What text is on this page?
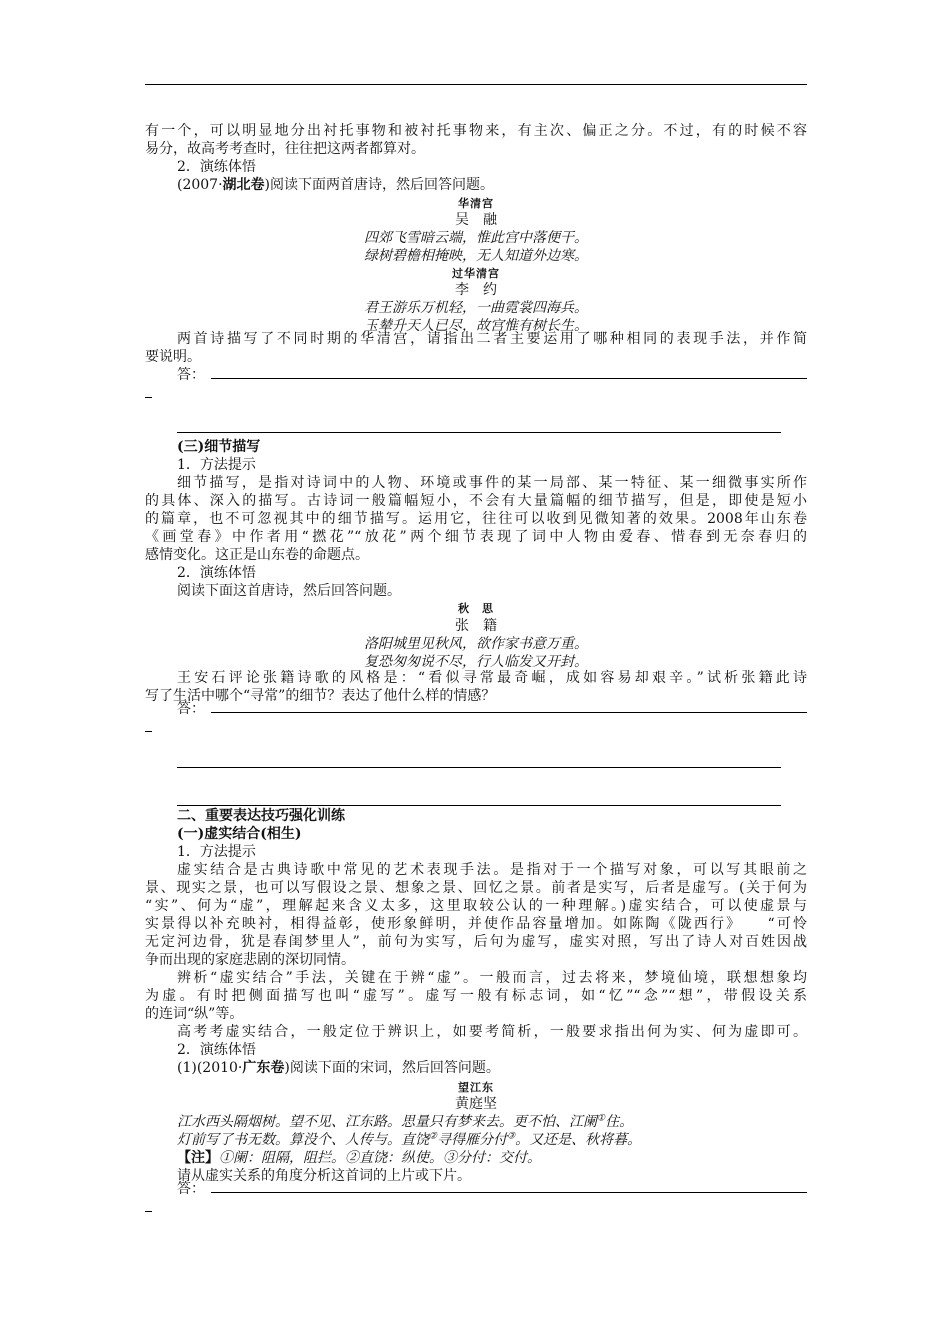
有一个，可以明显地分出衬托事物和被衬托事物来，有主次、偏正之分。不过，有的时候不容
易分，故高考考查时，往往把这两者都算对。
2．演练体悟
(2007·湖北卷)阅读下面两首唐诗，然后回答问题。
华清宫
吴　融
四郊飞雪暗云端，惟此宫中落便干。
绿树碧檐相掩映，无人知道外边寒。
过华清宫
李　约
君王游乐万机轻，一曲霓裳四海兵。
玉辇升天人已尽，故宫惟有树长生。
两首诗描写了不同时期的华清宫，请指出二者主要运用了哪种相同的表现手法，并作简
要说明。
答：
(三)细节描写
1．方法提示
细节描写，是指对诗词中的人物、环境或事件的某一局部、某一特征、某一细微事实所作
的具体、深入的描写。古诗词一般篇幅短小，不会有大量篇幅的细节描写，但是，即使是短小
的篇章，也不可忽视其中的细节描写。运用它，往往可以收到见微知著的效果。2008年山东卷
《画堂春》中作者用“撚花”“放花”两个细节表现了词中人物由爱春、惜春到无奈春归的
感情变化。这正是山东卷的命题点。
2．演练体悟
阅读下面这首唐诗，然后回答问题。
秋　思
张　籍
洛阳城里见秋风，欲作家书意万重。
复恐匆匆说不尽，行人临发又开封。
王安石评论张籍诗歌的风格是：“看似寻常最奇崛，成如容易却艰辛。”试析张籍此诗
写了生活中哪个“寻常”的细节？表达了他什么样的情感？
答：
二、重要表达技巧强化训练
(一)虚实结合(相生)
1．方法提示
虚实结合是古典诗歌中常见的艺术表现手法。是指对于一个描写对象，可以写其眼前之
景、现实之景，也可以写假设之景、想象之景、回忆之景。前者是实写，后者是虚写。(关于何为
“实”、何为“虚”，理解起来含义太多，这里取较公认的一种理解。)虚实结合，可以使虚景与
实景得以补充映衬，相得益彰，使形象鲜明，并使作品容量增加。如陈陶《陇西行》　　“可怜
无定河边骨，犹是春闺梦里人”，前句为实写，后句为虚写，虚实对照，写出了诗人对百姓因战
争而出现的家庭悲剧的深切同情。
辨析“虚实结合”手法，关键在于辨“虚”。一般而言，过去将来，梦境仙境，联想想象均
为虚。有时把侧面描写也叫“虚写”。虚写一般有标志词，如“忆”“念”“想”，带假设关系
的连词“纵”等。
高考考虚实结合，一般定位于辨识上，如要考简析，一般要求指出何为实、何为虚即可。
2．演练体悟
(1)(2010·广东卷)阅读下面的宋词，然后回答问题。
望江东
黄庭坚
江水西头隔烟树。望不见、江东路。思量只有梦来去。更不怕、江阑①住。
灯前写了书无数。算没个、人传与。直饶②寻得雁分付③。又还是、秋将暮。
【注】①阑：阻隔，阻拦。②直饶：纵使。③分付：交付。
请从虚实关系的角度分析这首词的上片或下片。
答：
